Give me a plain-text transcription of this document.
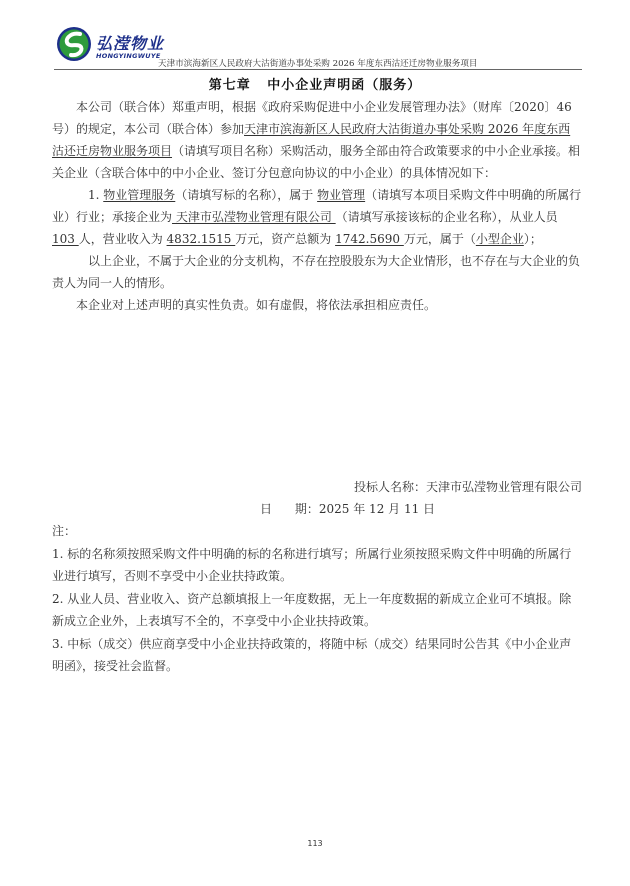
弘滢物业
HONGYINGWUYE
天津市滨海新区人民政府大沽街道办事处采购 2026 年度东西沽还迁房物业服务项目
第七章   中小企业声明函（服务）

本公司（联合体）郑重声明，根据《政府采购促进中小企业发展管理办法》（财库〔2020〕46 号）的规定，本公司（联合体）参加天津市滨海新区人民政府大沽街道办事处采购 2026 年度东西沽还迁房物业服务项目（请填写项目名称）采购活动，服务全部由符合政策要求的中小企业承接。相关企业（含联合体中的中小企业、签订分包意向协议的中小企业）的具体情况如下：

1. 物业管理服务（请填写标的名称），属于 物业管理（请填写本项目采购文件中明确的所属行业）行业；承接企业为 天津市弘滢物业管理有限公司 （请填写承接该标的企业名称），从业人员 103 人，营业收入为 4832.1515 万元，资产总额为 1742.5690 万元，属于（小型企业）；

以上企业，不属于大企业的分支机构，不存在控股股东为大企业情形，也不存在与大企业的负责人为同一人的情形。

本企业对上述声明的真实性负责。如有虚假，将依法承担相应责任。

投标人名称：天津市弘滢物业管理有限公司
日      期：2025 年 12 月 11 日

注：

1. 标的名称须按照采购文件中明确的标的名称进行填写；所属行业须按照采购文件中明确的所属行业进行填写，否则不享受中小企业扶持政策。

2. 从业人员、营业收入、资产总额填报上一年度数据，无上一年度数据的新成立企业可不填报。除新成立企业外，上表填写不全的，不享受中小企业扶持政策。

3. 中标（成交）供应商享受中小企业扶持政策的，将随中标（成交）结果同时公告其《中小企业声明函》，接受社会监督。

113
